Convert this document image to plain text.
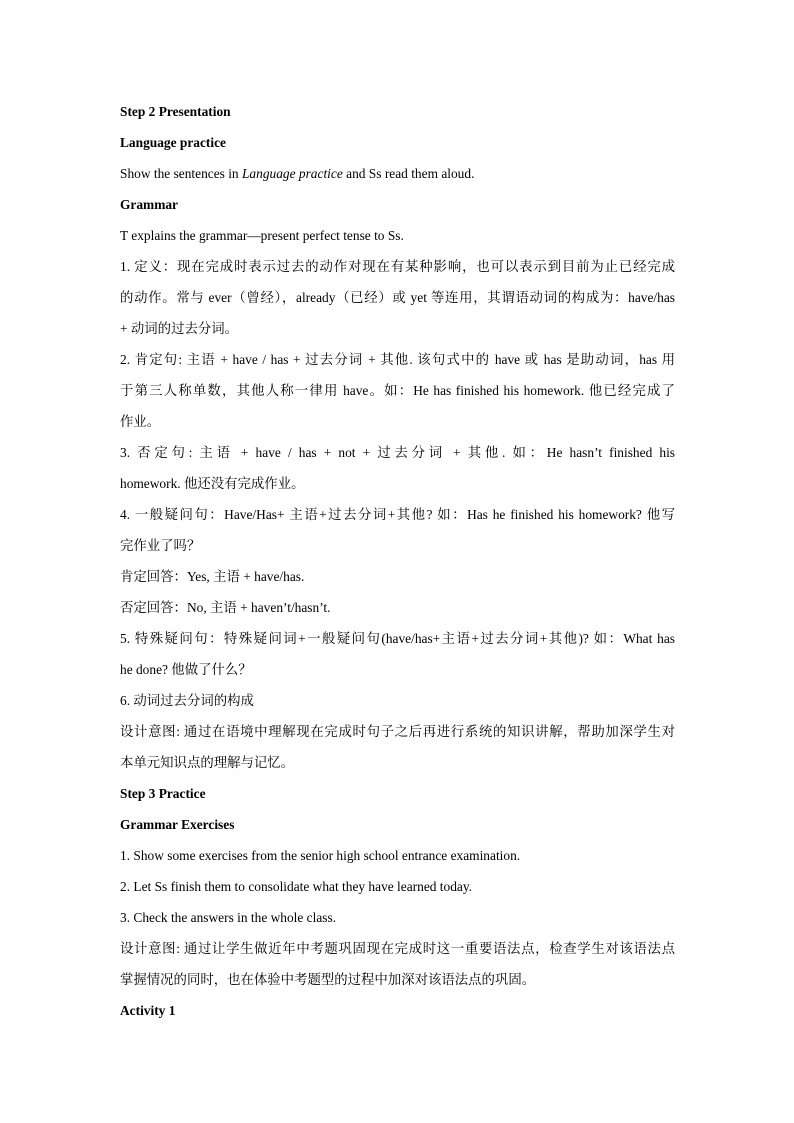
Step 2 Presentation
Language practice
Show the sentences in Language practice and Ss read them aloud.
Grammar
T explains the grammar—present perfect tense to Ss.
1. 定义：现在完成时表示过去的动作对现在有某种影响，也可以表示到目前为止已经完成
的动作。常与 ever（曾经），already（已经）或 yet 等连用，其谓语动词的构成为：have/has
+ 动词的过去分词。
2. 肯定句: 主语 + have / has + 过去分词 + 其他. 该句式中的 have 或 has 是助动词，has 用
于第三人称单数，其他人称一律用 have。如：He has finished his homework. 他已经完成了
作业。
3. 否定句: 主语 + have / has + not + 过去分词 + 其他. 如：He hasn’t finished his
homework. 他还没有完成作业。
4. 一般疑问句：Have/Has+ 主语+过去分词+其他? 如：Has he finished his homework? 他写
完作业了吗？
肯定回答：Yes, 主语 + have/has.
否定回答：No, 主语 + haven’t/hasn’t.
5. 特殊疑问句：特殊疑问词+一般疑问句(have/has+主语+过去分词+其他)? 如：What has
he done? 他做了什么？
6. 动词过去分词的构成
设计意图: 通过在语境中理解现在完成时句子之后再进行系统的知识讲解，帮助加深学生对
本单元知识点的理解与记忆。
Step 3 Practice
Grammar Exercises
1. Show some exercises from the senior high school entrance examination.
2. Let Ss finish them to consolidate what they have learned today.
3. Check the answers in the whole class.
设计意图: 通过让学生做近年中考题巩固现在完成时这一重要语法点，检查学生对该语法点
掌握情况的同时，也在体验中考题型的过程中加深对该语法点的巩固。
Activity 1
